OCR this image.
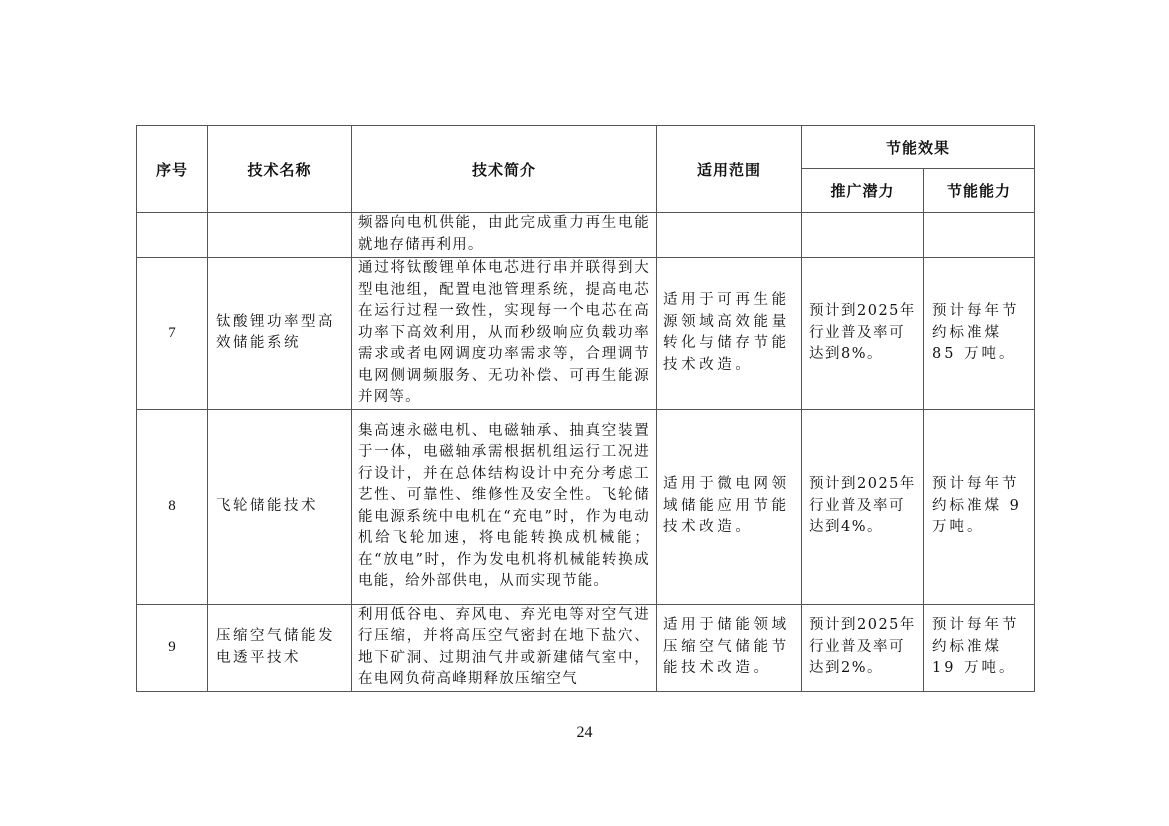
序号	技术名称	技术简介	适用范围	节能效果	
				推广潜力	节能能力
		频器向电机供能，由此完成重力再生电能就地存储再利用。			
7	钛酸锂功率型高效储能系统	通过将钛酸锂单体电芯进行串并联得到大型电池组，配置电池管理系统，提高电芯在运行过程一致性，实现每一个电芯在高功率下高效利用，从而秒级响应负载功率需求或者电网调度功率需求等，合理调节电网侧调频服务、无功补偿、可再生能源并网等。	适用于可再生能源领域高效能量转化与储存节能技术改造。	预计到2025年行业普及率可达到8%。	预计每年节约标准煤 85 万吨。
8	飞轮储能技术	集高速永磁电机、电磁轴承、抽真空装置于一体，电磁轴承需根据机组运行工况进行设计，并在总体结构设计中充分考虑工艺性、可靠性、维修性及安全性。飞轮储能电源系统中电机在“充电”时，作为电动机给飞轮加速，将电能转换成机械能；在“放电”时，作为发电机将机械能转换成电能，给外部供电，从而实现节能。	适用于微电网领域储能应用节能技术改造。	预计到2025年行业普及率可达到4%。	预计每年节约标准煤 9 万吨。
9	压缩空气储能发电透平技术	利用低谷电、弃风电、弃光电等对空气进行压缩，并将高压空气密封在地下盐穴、地下矿洞、过期油气井或新建储气室中，在电网负荷高峰期释放压缩空气	适用于储能领域压缩空气储能节能技术改造。	预计到2025年行业普及率可达到2%。	预计每年节约标准煤 19 万吨。
24
